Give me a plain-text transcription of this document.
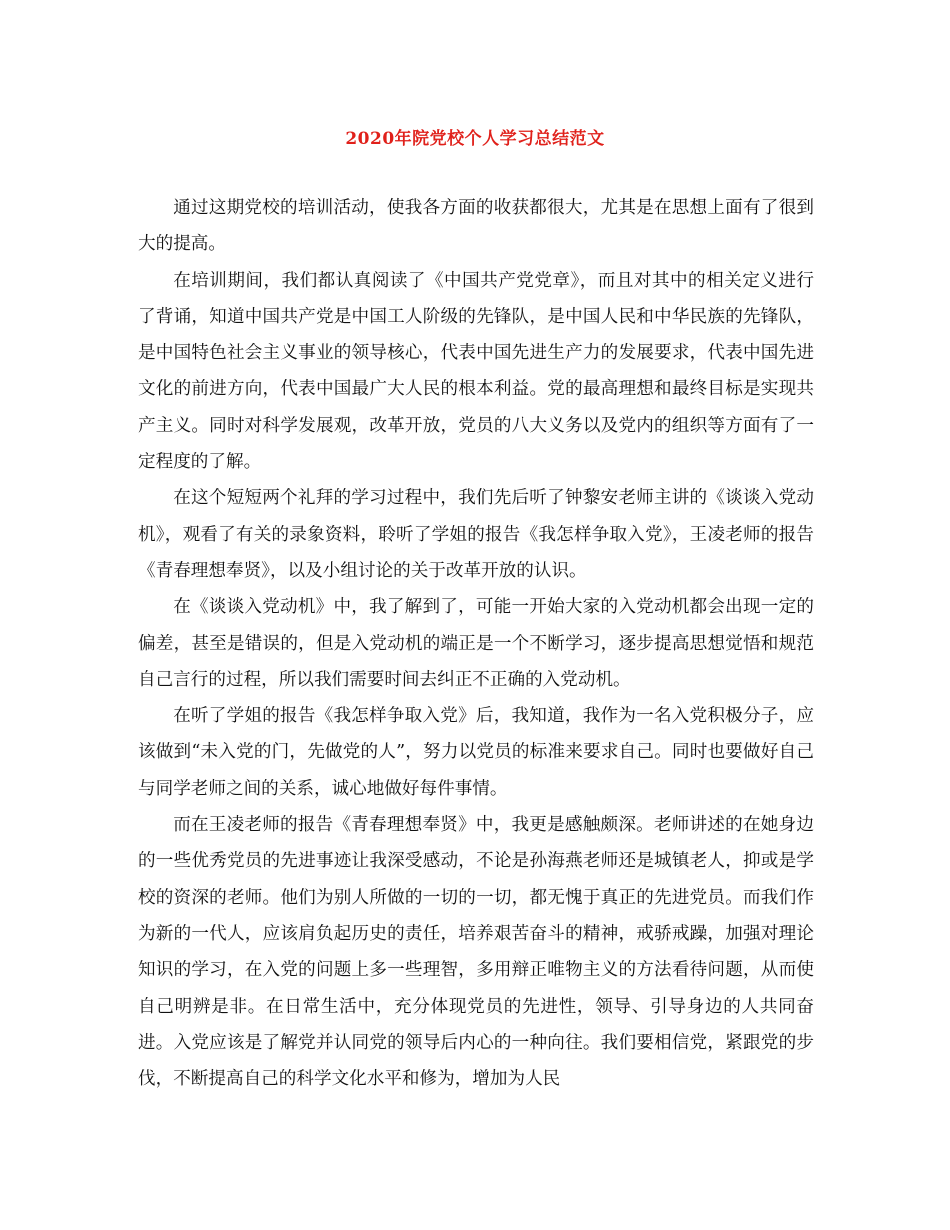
2020年院党校个人学习总结范文

通过这期党校的培训活动，使我各方面的收获都很大，尤其是在思想上面有了很到大的提高。

在培训期间，我们都认真阅读了《中国共产党党章》，而且对其中的相关定义进行了背诵，知道中国共产党是中国工人阶级的先锋队，是中国人民和中华民族的先锋队，是中国特色社会主义事业的领导核心，代表中国先进生产力的发展要求，代表中国先进文化的前进方向，代表中国最广大人民的根本利益。党的最高理想和最终目标是实现共产主义。同时对科学发展观，改革开放，党员的八大义务以及党内的组织等方面有了一定程度的了解。

在这个短短两个礼拜的学习过程中，我们先后听了钟黎安老师主讲的《谈谈入党动机》，观看了有关的录象资料，聆听了学姐的报告《我怎样争取入党》，王凌老师的报告《青春理想奉贤》，以及小组讨论的关于改革开放的认识。

在《谈谈入党动机》中，我了解到了，可能一开始大家的入党动机都会出现一定的偏差，甚至是错误的，但是入党动机的端正是一个不断学习，逐步提高思想觉悟和规范自己言行的过程，所以我们需要时间去纠正不正确的入党动机。

在听了学姐的报告《我怎样争取入党》后，我知道，我作为一名入党积极分子，应该做到“未入党的门，先做党的人”，努力以党员的标准来要求自己。同时也要做好自己与同学老师之间的关系，诚心地做好每件事情。

而在王凌老师的报告《青春理想奉贤》中，我更是感触颇深。老师讲述的在她身边的一些优秀党员的先进事迹让我深受感动，不论是孙海燕老师还是城镇老人，抑或是学校的资深的老师。他们为别人所做的一切的一切，都无愧于真正的先进党员。而我们作为新的一代人，应该肩负起历史的责任，培养艰苦奋斗的精神，戒骄戒躁，加强对理论知识的学习，在入党的问题上多一些理智，多用辩正唯物主义的方法看待问题，从而使自己明辨是非。在日常生活中，充分体现党员的先进性，领导、引导身边的人共同奋进。入党应该是了解党并认同党的领导后内心的一种向往。我们要相信党，紧跟党的步伐，不断提高自己的科学文化水平和修为，增加为人民
